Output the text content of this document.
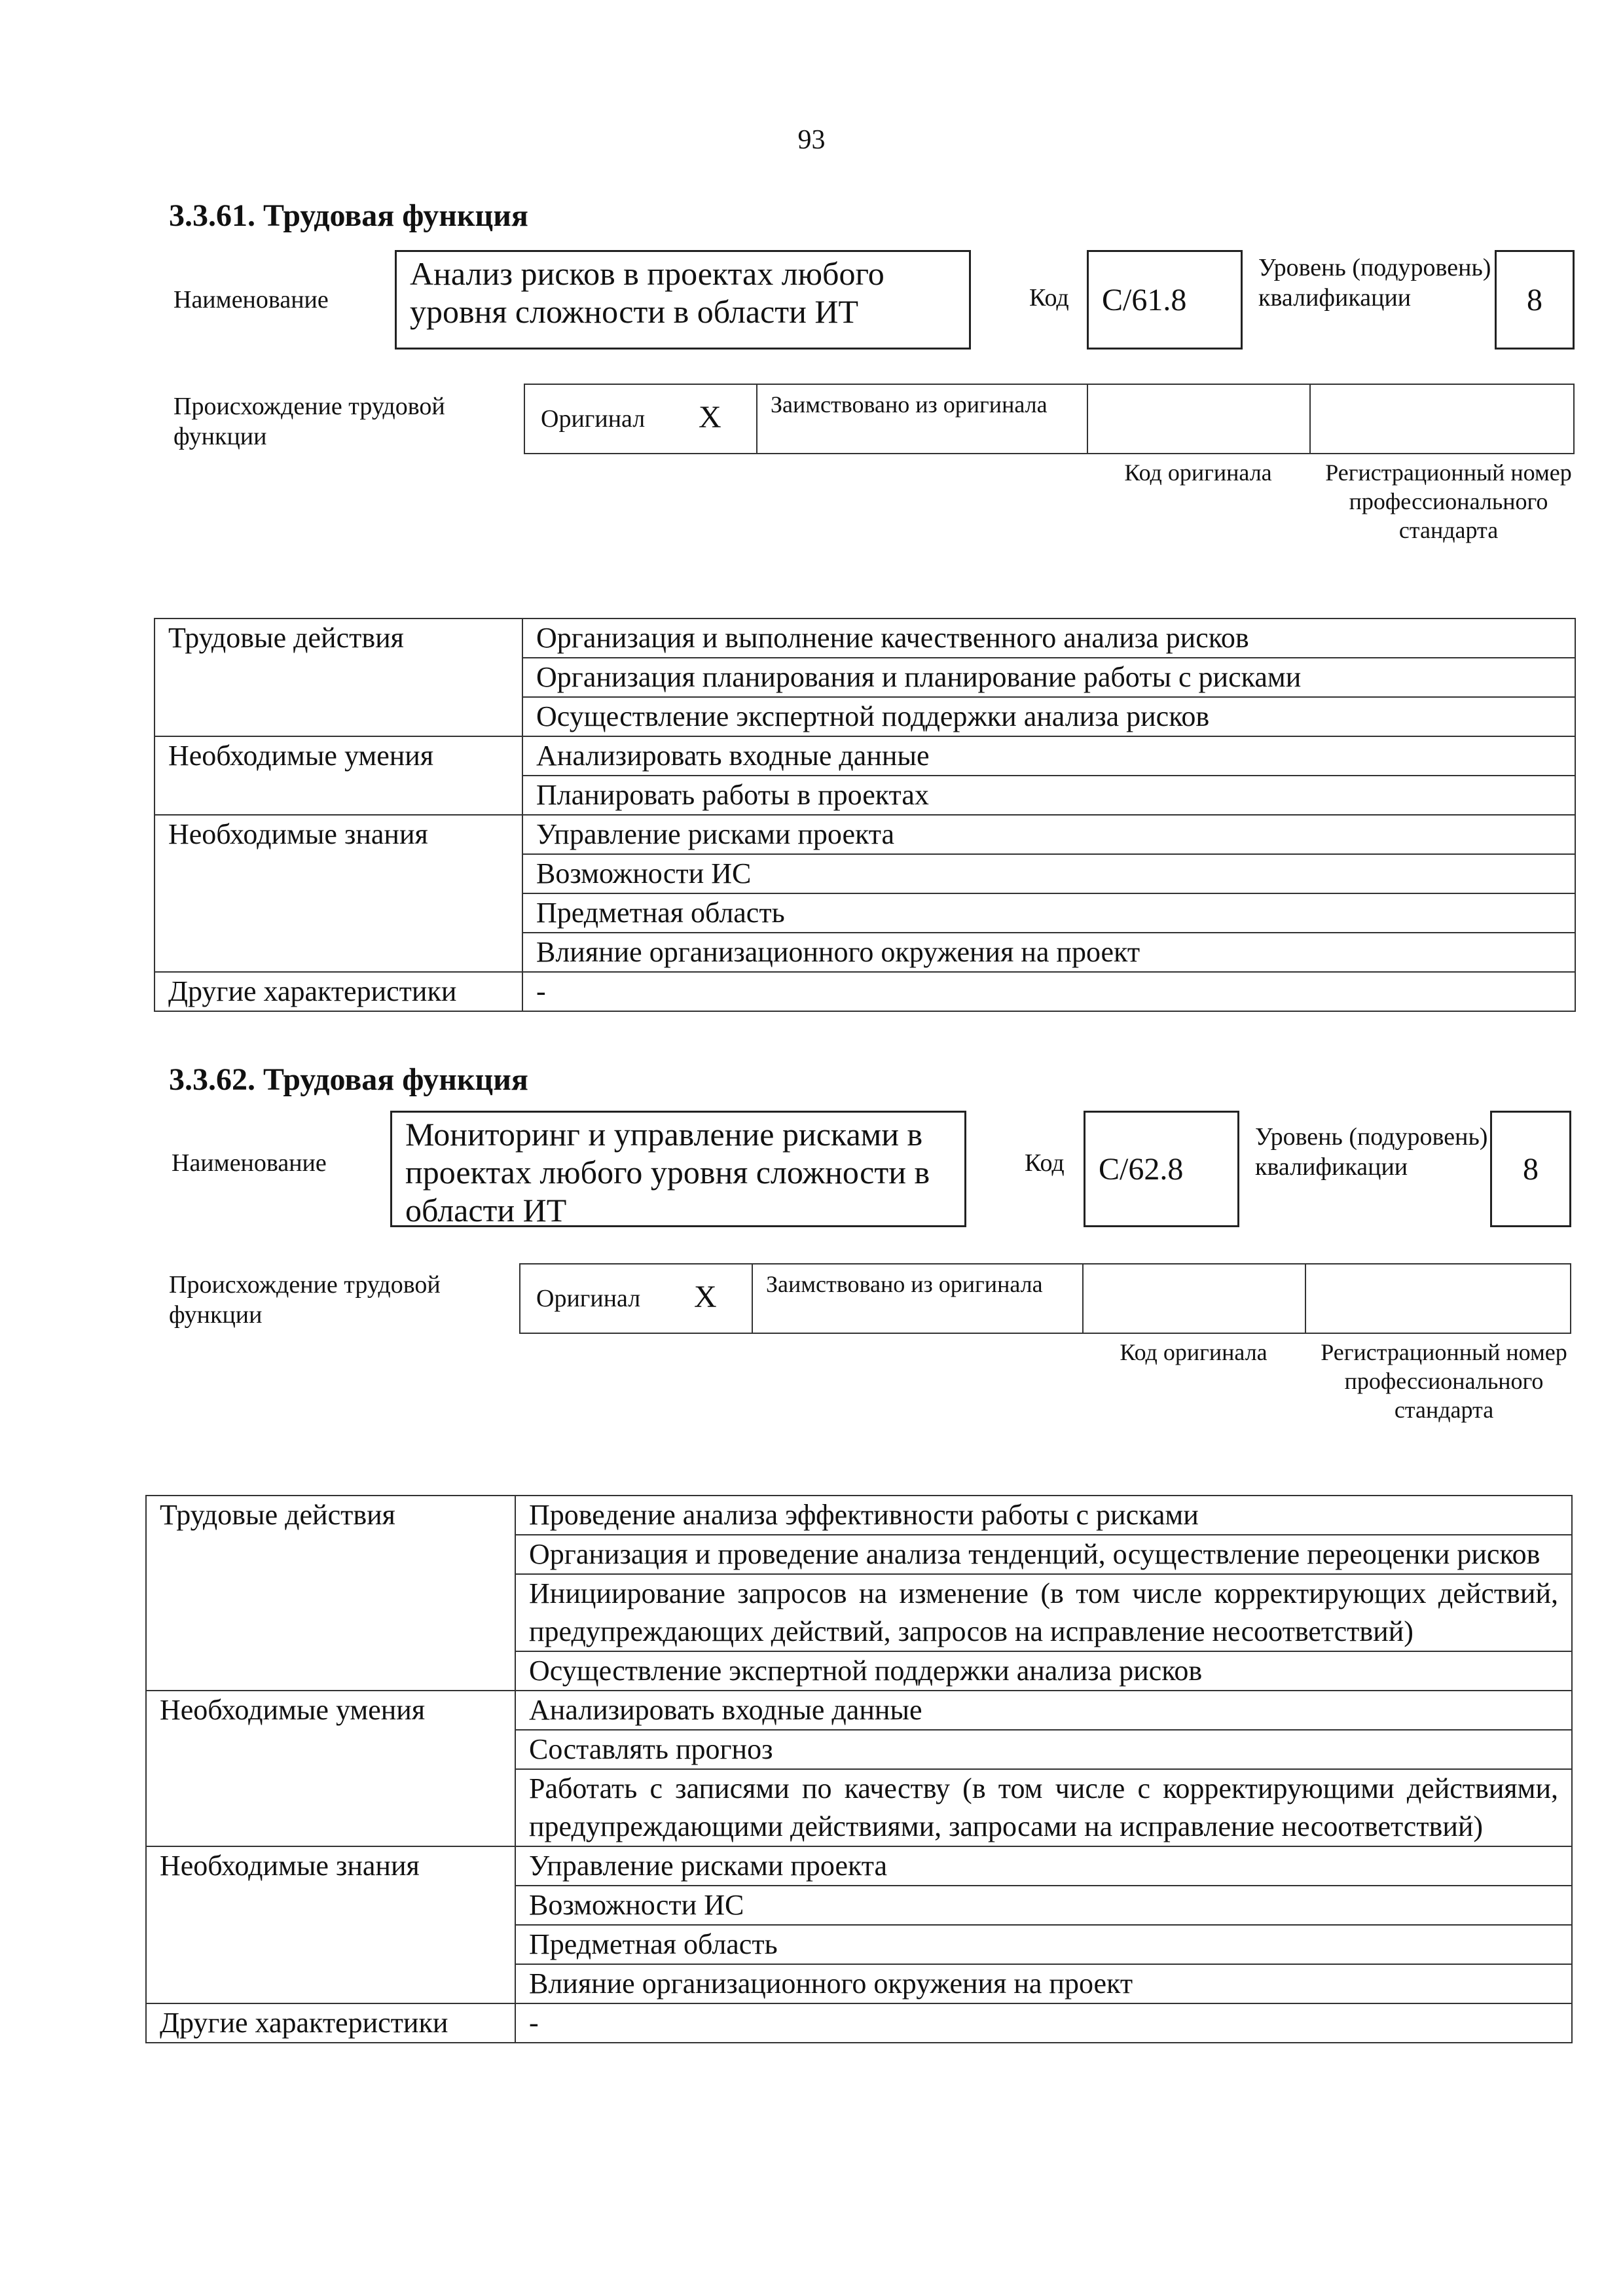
93
3.3.61. Трудовая функция
Наименование
Анализ рисков в проектах любого уровня сложности в области ИТ	Код С/61.8
Уровень (подуровень) квалификации	8
Происхождение трудовой функции
Оригинал X Заимствовано из оригинала
Код оригинала	Регистрационный номер профессионального стандарта
Трудовые действия	Организация и выполнение качественного анализа рисков
	Организация планирования и планирование работы с рисками
	Осуществление экспертной поддержки анализа рисков
Необходимые умения	Анализировать входные данные
	Планировать работы в проектах
Необходимые знания	Управление рисками проекта
	Возможности ИС
	Предметная область
	Влияние организационного окружения на проект
Другие характеристики	-
3.3.62. Трудовая функция
Наименование
Мониторинг и управление рисками в проектах любого уровня сложности в области ИТ
Код С/62.8
Уровень (подуровень) квалификации	8
Происхождение трудовой функции
Оригинал X Заимствовано из оригинала
Код оригинала	Регистрационный номер профессионального стандарта
Трудовые действия	Проведение анализа эффективности работы с рисками
	Организация и проведение анализа тенденций, осуществление переоценки рисков
	Инициирование запросов на изменение (в том числе корректирующих действий, предупреждающих действий, запросов на исправление несоответствий)
	Осуществление экспертной поддержки анализа рисков
Необходимые умения	Анализировать входные данные
	Составлять прогноз
	Работать с записями по качеству (в том числе с корректирующими действиями, предупреждающими действиями, запросами на исправление несоответствий)
Необходимые знания	Управление рисками проекта
	Возможности ИС
	Предметная область
	Влияние организационного окружения на проект
Другие характеристики	-
